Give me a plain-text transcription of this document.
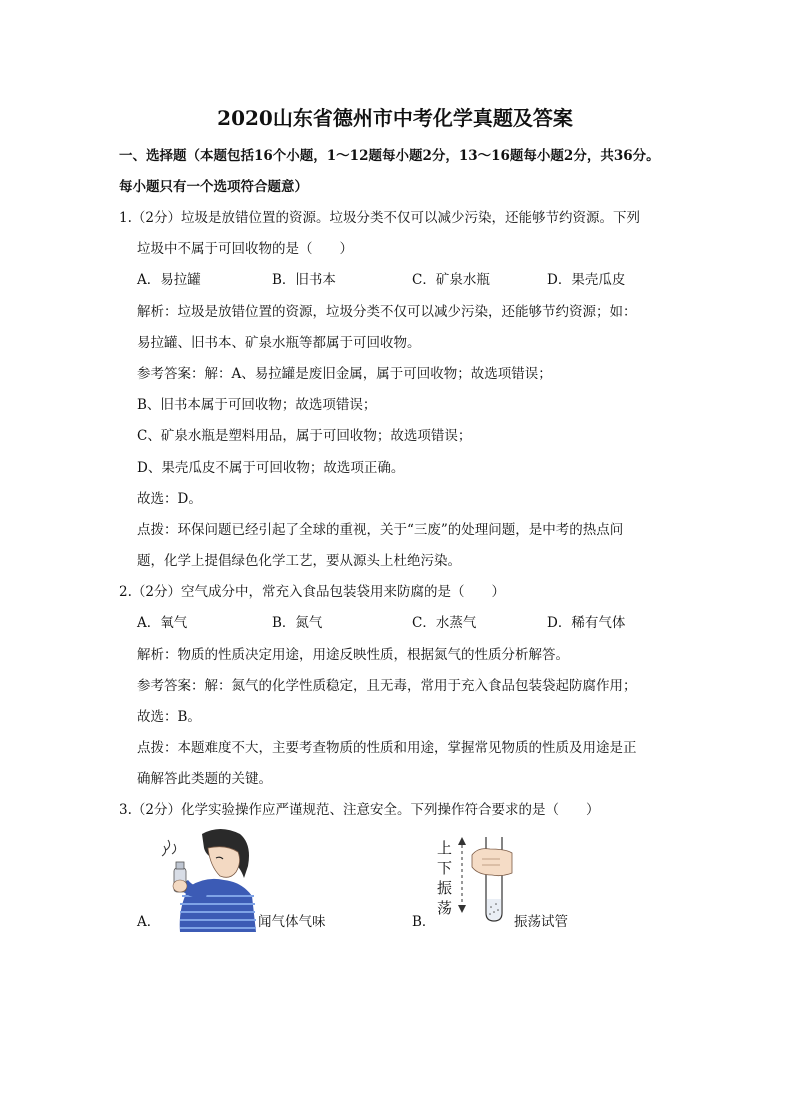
2020山东省德州市中考化学真题及答案
一、选择题（本题包括16个小题，1～12题每小题2分，13～16题每小题2分，共36分。
每小题只有一个选项符合题意）
1.（2分）垃圾是放错位置的资源。垃圾分类不仅可以减少污染，还能够节约资源。下列
垃圾中不属于可回收物的是（　　）
A．易拉罐	B．旧书本	C．矿泉水瓶	D．果壳瓜皮
解析：垃圾是放错位置的资源，垃圾分类不仅可以减少污染，还能够节约资源；如：
易拉罐、旧书本、矿泉水瓶等都属于可回收物。
参考答案：解：A、易拉罐是废旧金属，属于可回收物；故选项错误；
B、旧书本属于可回收物；故选项错误；
C、矿泉水瓶是塑料用品，属于可回收物；故选项错误；
D、果壳瓜皮不属于可回收物；故选项正确。
故选：D。
点拨：环保问题已经引起了全球的重视，关于“三废”的处理问题，是中考的热点问
题，化学上提倡绿色化学工艺，要从源头上杜绝污染。
2.（2分）空气成分中，常充入食品包装袋用来防腐的是（　　）
A．氧气	B．氮气	C．水蒸气	D．稀有气体
解析：物质的性质决定用途，用途反映性质，根据氮气的性质分析解答。
参考答案：解：氮气的化学性质稳定，且无毒，常用于充入食品包装袋起防腐作用；
故选：B。
点拨：本题难度不大，主要考查物质的性质和用途，掌握常见物质的性质及用途是正
确解答此类题的关键。
3.（2分）化学实验操作应严谨规范、注意安全。下列操作符合要求的是（　　）
A．	闻气体气味
上
下
振
荡
B．	振荡试管
